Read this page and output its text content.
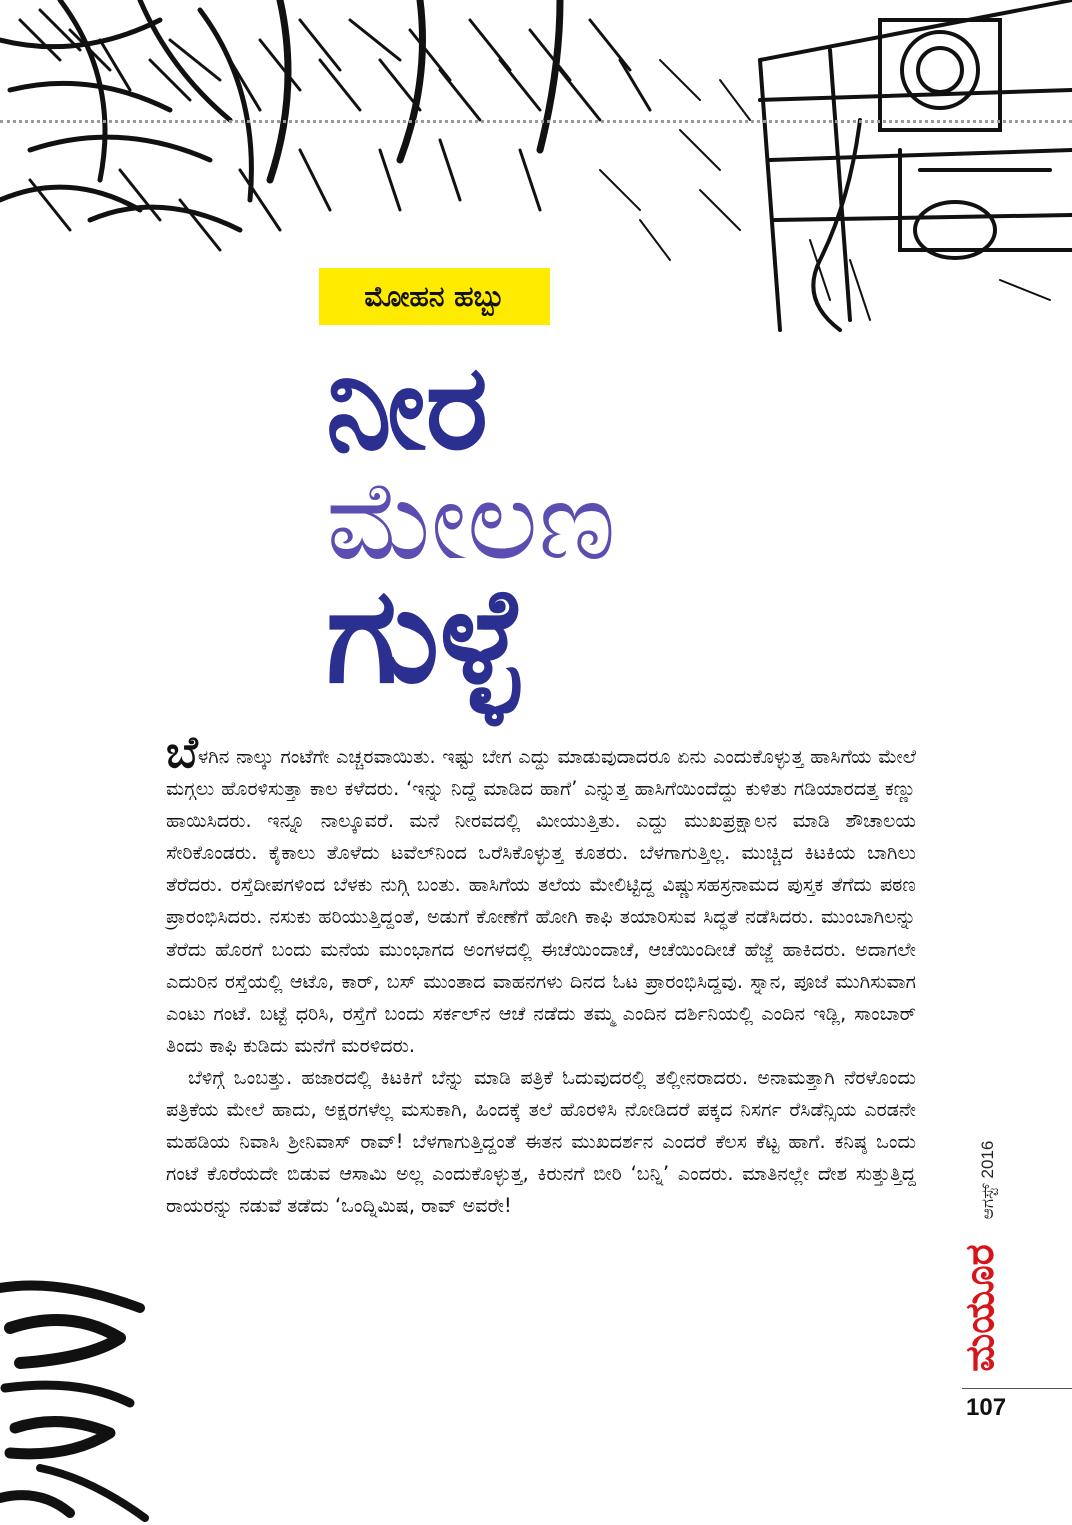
ಮೋಹನ ಹಬ್ಬು
ನೀರ
ಮೇಲಣ
ಗುಳ್ಳೆ

ಬೆಳಗಿನ ನಾಲ್ಕು ಗಂಟೆಗೇ ಎಚ್ಚರವಾಯಿತು. ಇಷ್ಟು ಬೇಗ ಎದ್ದು ಮಾಡುವುದಾದರೂ ಏನು ಎಂದುಕೊಳ್ಳುತ್ತ ಹಾಸಿಗೆಯ ಮೇಲೆ ಮಗ್ಗಲು ಹೊರಳಿಸುತ್ತಾ ಕಾಲ ಕಳೆದರು. ‘ಇನ್ನು ನಿದ್ದೆ ಮಾಡಿದ ಹಾಗೆ’ ಎನ್ನುತ್ತ ಹಾಸಿಗೆಯಿಂದೆದ್ದು ಕುಳಿತು ಗಡಿಯಾರದತ್ತ ಕಣ್ಣು ಹಾಯಿಸಿದರು. ಇನ್ನೂ ನಾಲ್ಕೂವರೆ. ಮನೆ ನೀರವದಲ್ಲಿ ಮೀಯುತ್ತಿತು. ಎದ್ದು ಮುಖಪ್ರಕ್ಷಾಲನ ಮಾಡಿ ಶೌಚಾಲಯ ಸೇರಿಕೊಂಡರು. ಕೈಕಾಲು ತೊಳೆದು ಟವೆಲ್‌ನಿಂದ ಒರೆಸಿಕೊಳ್ಳುತ್ತ ಕೂತರು. ಬೆಳಗಾಗುತ್ತಿಲ್ಲ. ಮುಚ್ಚಿದ ಕಿಟಕಿಯ ಬಾಗಿಲು ತೆರೆದರು. ರಸ್ತೆದೀಪಗಳಿಂದ ಬೆಳಕು ನುಗ್ಗಿ ಬಂತು. ಹಾಸಿಗೆಯ ತಲೆಯ ಮೇಲಿಟ್ಟಿದ್ದ ವಿಷ್ಣುಸಹಸ್ರನಾಮದ ಪುಸ್ತಕ ತೆಗೆದು ಪಠಣ ಪ್ರಾರಂಭಿಸಿದರು. ನಸುಕು ಹರಿಯುತ್ತಿದ್ದಂತೆ, ಅಡುಗೆ ಕೋಣೆಗೆ ಹೋಗಿ ಕಾಫಿ ತಯಾರಿಸುವ ಸಿದ್ಧತೆ ನಡೆಸಿದರು. ಮುಂಬಾಗಿಲನ್ನು ತೆರೆದು ಹೊರಗೆ ಬಂದು ಮನೆಯ ಮುಂಭಾಗದ ಅಂಗಳದಲ್ಲಿ ಈಚೆಯಿಂದಾಚೆ, ಆಚೆಯಿಂದೀಚೆ ಹೆಜ್ಜೆ ಹಾಕಿದರು. ಅದಾಗಲೇ ಎದುರಿನ ರಸ್ತೆಯಲ್ಲಿ ಆಟೊ, ಕಾರ್, ಬಸ್ ಮುಂತಾದ ವಾಹನಗಳು ದಿನದ ಓಟ ಪ್ರಾರಂಭಿಸಿದ್ದವು. ಸ್ನಾನ, ಪೂಜೆ ಮುಗಿಸುವಾಗ ಎಂಟು ಗಂಟೆ. ಬಟ್ಟೆ ಧರಿಸಿ, ರಸ್ತೆಗೆ ಬಂದು ಸರ್ಕಲ್‌ನ ಆಚೆ ನಡೆದು ತಮ್ಮ ಎಂದಿನ ದರ್ಶಿನಿಯಲ್ಲಿ ಎಂದಿನ ಇಡ್ಲಿ, ಸಾಂಬಾರ್ ತಿಂದು ಕಾಫಿ ಕುಡಿದು ಮನೆಗೆ ಮರಳಿದರು.

ಬೆಳಿಗ್ಗೆ ಒಂಬತ್ತು. ಹಜಾರದಲ್ಲಿ ಕಿಟಕಿಗೆ ಬೆನ್ನು ಮಾಡಿ ಪತ್ರಿಕೆ ಓದುವುದರಲ್ಲಿ ತಲ್ಲೀನರಾದರು. ಅನಾಮತ್ತಾಗಿ ನೆರಳೊಂದು ಪತ್ರಿಕೆಯ ಮೇಲೆ ಹಾದು, ಅಕ್ಷರಗಳೆಲ್ಲ ಮಸುಕಾಗಿ, ಹಿಂದಕ್ಕೆ ತಲೆ ಹೊರಳಿಸಿ ನೋಡಿದರೆ ಪಕ್ಕದ ನಿಸರ್ಗ ರೆಸಿಡೆನ್ಸಿಯ ಎರಡನೇ ಮಹಡಿಯ ನಿವಾಸಿ ಶ್ರೀನಿವಾಸ್ ರಾವ್! ಬೆಳಗಾಗುತ್ತಿದ್ದಂತೆ ಈತನ ಮುಖದರ್ಶನ ಎಂದರೆ ಕೆಲಸ ಕೆಟ್ಟ ಹಾಗೆ. ಕನಿಷ್ಠ ಒಂದು ಗಂಟೆ ಕೊರೆಯದೇ ಬಿಡುವ ಆಸಾಮಿ ಅಲ್ಲ ಎಂದುಕೊಳ್ಳುತ್ತ, ಕಿರುನಗೆ ಬೀರಿ ‘ಬನ್ನಿ’ ಎಂದರು. ಮಾತಿನಲ್ಲೇ ದೇಶ ಸುತ್ತುತ್ತಿದ್ದ ರಾಯರನ್ನು ನಡುವೆ ತಡೆದು ‘ಒಂದ್ನಿಮಿಷ, ರಾವ್ ಅವರೇ!	ಆಗಸ್ಟ್ 2016
ಮಯೂರ
107
